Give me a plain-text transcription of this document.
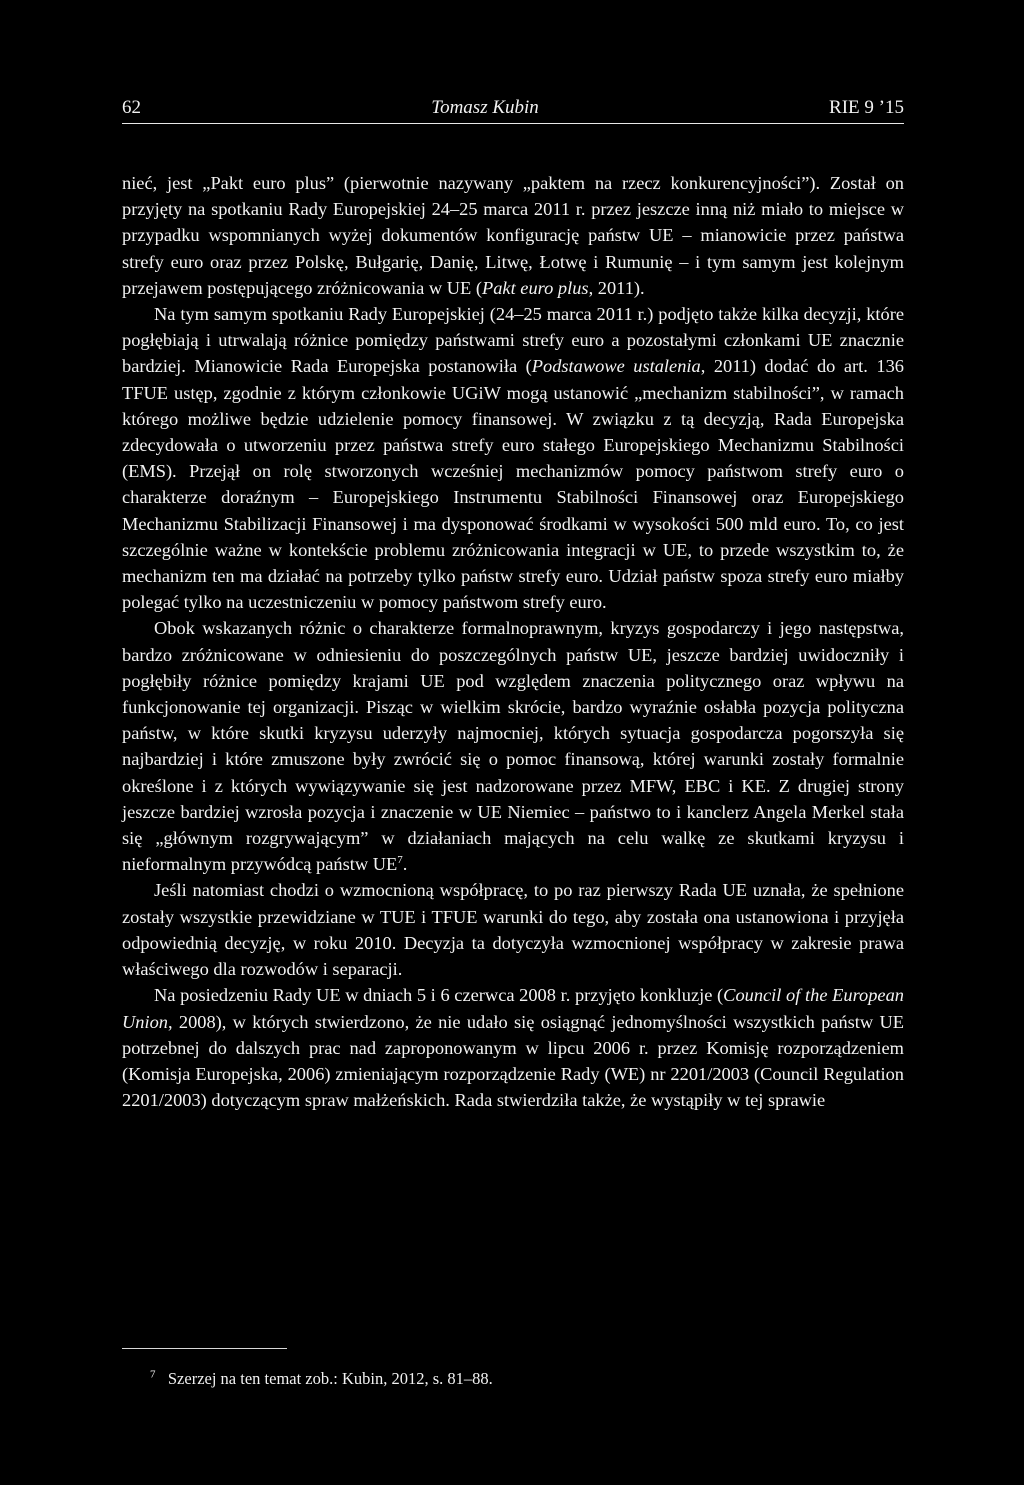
62	Tomasz Kubin	RIE 9 ’15

nieć, jest „Pakt euro plus” (pierwotnie nazywany „paktem na rzecz konkurencyjności”). Został on przyjęty na spotkaniu Rady Europejskiej 24–25 marca 2011 r. przez jeszcze inną niż miało to miejsce w przypadku wspomnianych wyżej dokumentów konfigurację państw UE – mianowicie przez państwa strefy euro oraz przez Polskę, Bułgarię, Danię, Litwę, Łotwę i Rumunię – i tym samym jest kolejnym przejawem postępującego zróżnicowania w UE (Pakt euro plus, 2011).

Na tym samym spotkaniu Rady Europejskiej (24–25 marca 2011 r.) podjęto także kilka decyzji, które pogłębiają i utrwalają różnice pomiędzy państwami strefy euro a pozostałymi członkami UE znacznie bardziej. Mianowicie Rada Europejska postanowiła (Podstawowe ustalenia, 2011) dodać do art. 136 TFUE ustęp, zgodnie z którym członkowie UGiW mogą ustanowić „mechanizm stabilności”, w ramach którego możliwe będzie udzielenie pomocy finansowej. W związku z tą decyzją, Rada Europejska zdecydowała o utworzeniu przez państwa strefy euro stałego Europejskiego Mechanizmu Stabilności (EMS). Przejął on rolę stworzonych wcześniej mechanizmów pomocy państwom strefy euro o charakterze doraźnym – Europejskiego Instrumentu Stabilności Finansowej oraz Europejskiego Mechanizmu Stabilizacji Finansowej i ma dysponować środkami w wysokości 500 mld euro. To, co jest szczególnie ważne w kontekście problemu zróżnicowania integracji w UE, to przede wszystkim to, że mechanizm ten ma działać na potrzeby tylko państw strefy euro. Udział państw spoza strefy euro miałby polegać tylko na uczestniczeniu w pomocy państwom strefy euro.

Obok wskazanych różnic o charakterze formalnoprawnym, kryzys gospodarczy i jego następstwa, bardzo zróżnicowane w odniesieniu do poszczególnych państw UE, jeszcze bardziej uwidoczniły i pogłębiły różnice pomiędzy krajami UE pod względem znaczenia politycznego oraz wpływu na funkcjonowanie tej organizacji. Pisząc w wielkim skrócie, bardzo wyraźnie osłabła pozycja polityczna państw, w które skutki kryzysu uderzyły najmocniej, których sytuacja gospodarcza pogorszyła się najbardziej i które zmuszone były zwrócić się o pomoc finansową, której warunki zostały formalnie określone i z których wywiązywanie się jest nadzorowane przez MFW, EBC i KE. Z drugiej strony jeszcze bardziej wzrosła pozycja i znaczenie w UE Niemiec – państwo to i kanclerz Angela Merkel stała się „głównym rozgrywającym” w działaniach mających na celu walkę ze skutkami kryzysu i nieformalnym przywódcą państw $UE^7$.

Jeśli natomiast chodzi o wzmocnioną współpracę, to po raz pierwszy Rada UE uznała, że spełnione zostały wszystkie przewidziane w TUE i TFUE warunki do tego, aby została ona ustanowiona i przyjęła odpowiednią decyzję, w roku 2010. Decyzja ta dotyczyła wzmocnionej współpracy w zakresie prawa właściwego dla rozwodów i separacji.

Na posiedzeniu Rady UE w dniach 5 i 6 czerwca 2008 r. przyjęto konkluzje (Council of the European Union, 2008), w których stwierdzono, że nie udało się osiągnąć jednomyślności wszystkich państw UE potrzebnej do dalszych prac nad zaproponowanym w lipcu 2006 r. przez Komisję rozporządzeniem (Komisja Europejska, 2006) zmieniającym rozporządzenie Rady (WE) nr 2201/2003 (Council Regulation 2201/2003) dotyczącym spraw małżeńskich. Rada stwierdziła także, że wystąpiły w tej sprawie

$^7$ Szerzej na ten temat zob.: Kubin, 2012, s. 81–88.
